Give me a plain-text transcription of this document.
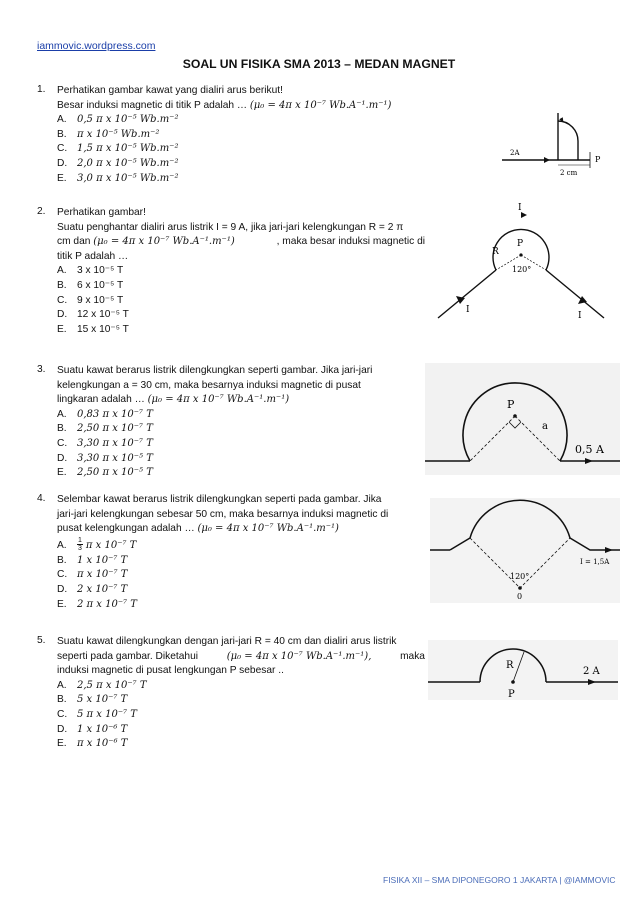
iammovic.wordpress.com
SOAL UN FISIKA SMA 2013 – MEDAN MAGNET
1.	Perhatikan gambar kawat yang dialiri arus berikut!
Besar induksi magnetic di titik P adalah … (μ₀ = 4π x 10⁻⁷ Wb.A⁻¹.m⁻¹)
A.	0,5 π x 10⁻⁵ Wb.m⁻²
B.	π x 10⁻⁵ Wb.m⁻²
C. 1,5 π x 10⁻⁵ Wb.m⁻²
D. 2,0 π x 10⁻⁵ Wb.m⁻²
E.	3,0 π x 10⁻⁵ Wb.m⁻²
2A
P
2 cm
2.	Perhatikan gambar!
Suatu penghantar dialiri arus listrik I = 9 A, jika jari-jari kelengkungan R = 2 π
cm dan (μ₀ = 4π x 10⁻⁷ Wb.A⁻¹.m⁻¹)	, maka besar induksi magnetic di
titik P adalah …
A.	3 x 10⁻⁵ T
B.	6 x 10⁻⁵ T
C. 9 x 10⁻⁵ T
D. 12 x 10⁻⁵ T
E.	15 x 10⁻⁵ T
I
I
I
P
R
120°
3.	Suatu kawat berarus listrik dilengkungkan seperti gambar. Jika jari-jari
kelengkungan a = 30 cm, maka besarnya induksi magnetic di pusat
lingkaran adalah … (μ₀ = 4π x 10⁻⁷ Wb.A⁻¹.m⁻¹)
A.	0,83 π x 10⁻⁷ T
B.	2,50 π x 10⁻⁷ T
C. 3,30 π x 10⁻⁷ T
D. 3,30 π x 10⁻⁵ T
E.	2,50 π x 10⁻⁵ T
P
a
0,5 A
4.	Selembar kawat berarus listrik dilengkungkan seperti pada gambar. Jika
jari-jari kelengkungan sebesar 50 cm, maka besarnya induksi magnetic di
pusat kelengkungan adalah … (μ₀ = 4π x 10⁻⁷ Wb.A⁻¹.m⁻¹)
A.	$\frac{1}{3}$ π x 10⁻⁷ T
B.	1 x 10⁻⁷ T
C. π x 10⁻⁷ T
D. 2 x 10⁻⁷ T
E.	2 π x 10⁻⁷ T
120°
0
I = 1,5A
5.	Suatu kawat dilengkungkan dengan jari-jari R = 40 cm dan dialiri arus listrik
seperti pada gambar. Diketahui	(μ₀ = 4π x 10⁻⁷ Wb.A⁻¹.m⁻¹),	maka
induksi magnetic di pusat lengkungan P sebesar ..
A.	2,5 π x 10⁻⁷ T
B.	5 x 10⁻⁷ T
C. 5 π x 10⁻⁷ T
D. 1 x 10⁻⁶ T
E.	π x 10⁻⁶ T
R
P
2 A
FISIKA XII – SMA DIPONEGORO 1 JAKARTA | @IAMMOVIC
